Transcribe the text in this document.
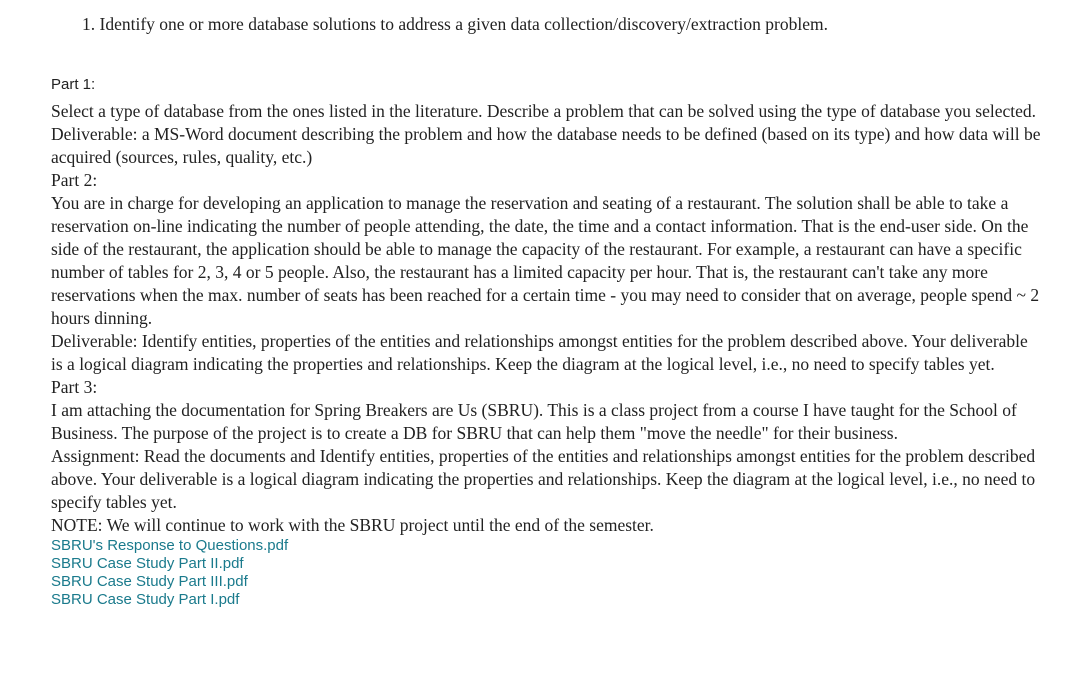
1. Identify one or more database solutions to address a given data collection/discovery/extraction problem.
Part 1:

Select a type of database from the ones listed in the literature. Describe a problem that can be solved using the type of database you selected.

Deliverable: a MS-Word document describing the problem and how the database needs to be defined (based on its type) and how data will be acquired (sources, rules, quality, etc.)

Part 2:

You are in charge for developing an application to manage the reservation and seating of a restaurant. The solution shall be able to take a reservation on-line indicating the number of people attending, the date, the time and a contact information. That is the end-user side. On the side of the restaurant, the application should be able to manage the capacity of the restaurant. For example, a restaurant can have a specific number of tables for 2, 3, 4 or 5 people. Also, the restaurant has a limited capacity per hour. That is, the restaurant can't take any more reservations when the max. number of seats has been reached for a certain time - you may need to consider that on average, people spend ~ 2 hours dinning.

Deliverable: Identify entities, properties of the entities and relationships amongst entities for the problem described above. Your deliverable is a logical diagram indicating the properties and relationships. Keep the diagram at the logical level, i.e., no need to specify tables yet.

Part 3:

I am attaching the documentation for Spring Breakers are Us (SBRU). This is a class project from a course I have taught for the School of Business. The purpose of the project is to create a DB for SBRU that can help them "move the needle" for their business.

Assignment: Read the documents and Identify entities, properties of the entities and relationships amongst entities for the problem described above. Your deliverable is a logical diagram indicating the properties and relationships. Keep the diagram at the logical level, i.e., no need to specify tables yet.

NOTE: We will continue to work with the SBRU project until the end of the semester.

SBRU's Response to Questions.pdf
SBRU Case Study Part II.pdf
SBRU Case Study Part III.pdf
SBRU Case Study Part I.pdf
